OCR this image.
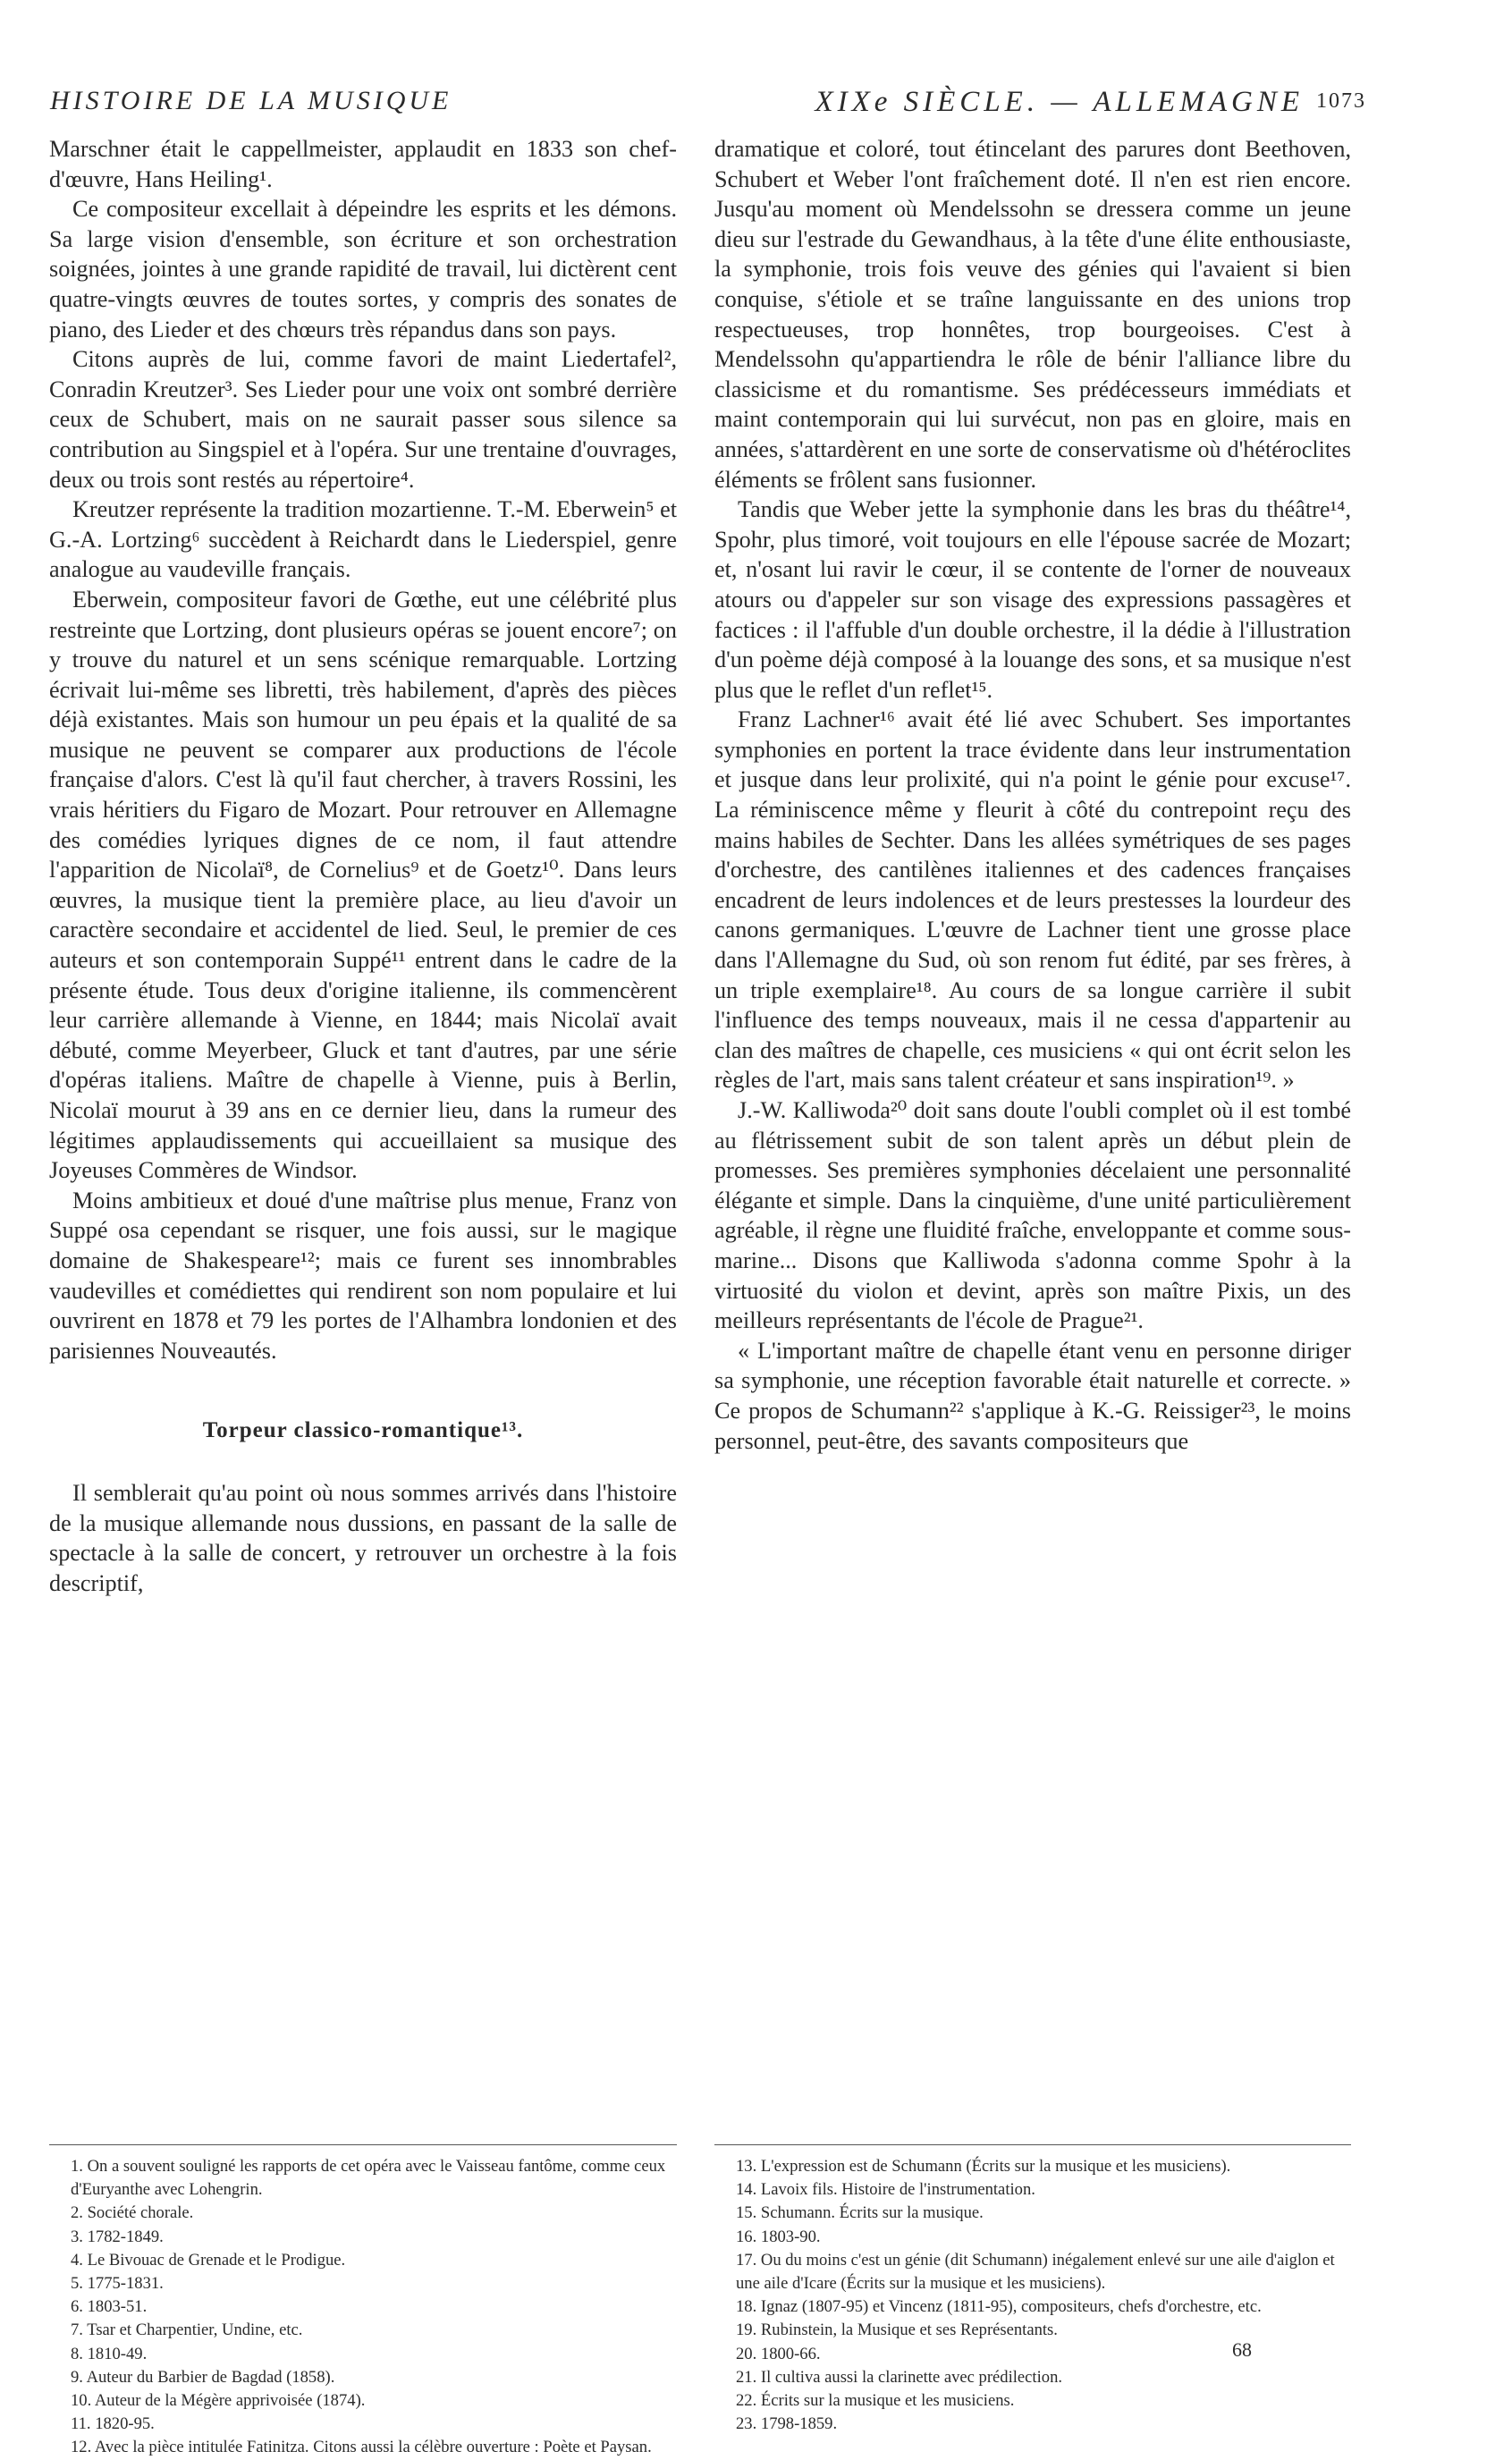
HISTOIRE DE LA MUSIQUE	XIXe SIÈCLE. — ALLEMAGNE 1073

Marschner était le cappellmeister, applaudit en 1833 son chef-d'œuvre, Hans Heiling¹.

Ce compositeur excellait à dépeindre les esprits et les démons. Sa large vision d'ensemble, son écriture et son orchestration soignées, jointes à une grande rapidité de travail, lui dictèrent cent quatre-vingts œuvres de toutes sortes, y compris des sonates de piano, des Lieder et des chœurs très répandus dans son pays.

Citons auprès de lui, comme favori de maint Liedertafel², Conradin Kreutzer³. Ses Lieder pour une voix ont sombré derrière ceux de Schubert, mais on ne saurait passer sous silence sa contribution au Singspiel et à l'opéra. Sur une trentaine d'ouvrages, deux ou trois sont restés au répertoire⁴.

Kreutzer représente la tradition mozartienne. T.-M. Eberwein⁵ et G.-A. Lortzing⁶ succèdent à Reichardt dans le Liederspiel, genre analogue au vaudeville français.

Eberwein, compositeur favori de Gœthe, eut une célébrité plus restreinte que Lortzing, dont plusieurs opéras se jouent encore⁷; on y trouve du naturel et un sens scénique remarquable. Lortzing écrivait lui-même ses libretti, très habilement, d'après des pièces déjà existantes. Mais son humour un peu épais et la qualité de sa musique ne peuvent se comparer aux productions de l'école française d'alors. C'est là qu'il faut chercher, à travers Rossini, les vrais héritiers du Figaro de Mozart. Pour retrouver en Allemagne des comédies lyriques dignes de ce nom, il faut attendre l'apparition de Nicolaï⁸, de Cornelius⁹ et de Goetz¹⁰. Dans leurs œuvres, la musique tient la première place, au lieu d'avoir un caractère secondaire et accidentel de lied. Seul, le premier de ces auteurs et son contemporain Suppé¹¹ entrent dans le cadre de la présente étude. Tous deux d'origine italienne, ils commencèrent leur carrière allemande à Vienne, en 1844; mais Nicolaï avait débuté, comme Meyerbeer, Gluck et tant d'autres, par une série d'opéras italiens. Maître de chapelle à Vienne, puis à Berlin, Nicolaï mourut à 39 ans en ce dernier lieu, dans la rumeur des légitimes applaudissements qui accueillaient sa musique des Joyeuses Commères de Windsor.

Moins ambitieux et doué d'une maîtrise plus menue, Franz von Suppé osa cependant se risquer, une fois aussi, sur le magique domaine de Shakespeare¹²; mais ce furent ses innombrables vaudevilles et comédiettes qui rendirent son nom populaire et lui ouvrirent en 1878 et 79 les portes de l'Alhambra londonien et des parisiennes Nouveautés.

Torpeur classico-romantique¹³.

Il semblerait qu'au point où nous sommes arrivés dans l'histoire de la musique allemande nous dussions, en passant de la salle de spectacle à la salle de concert, y retrouver un orchestre à la fois descriptif,

dramatique et coloré, tout étincelant des parures dont Beethoven, Schubert et Weber l'ont fraîchement doté. Il n'en est rien encore. Jusqu'au moment où Mendelssohn se dressera comme un jeune dieu sur l'estrade du Gewandhaus, à la tête d'une élite enthousiaste, la symphonie, trois fois veuve des génies qui l'avaient si bien conquise, s'étiole et se traîne languissante en des unions trop respectueuses, trop honnêtes, trop bourgeoises. C'est à Mendelssohn qu'appartiendra le rôle de bénir l'alliance libre du classicisme et du romantisme. Ses prédécesseurs immédiats et maint contemporain qui lui survécut, non pas en gloire, mais en années, s'attardèrent en une sorte de conservatisme où d'hétéroclites éléments se frôlent sans fusionner.

Tandis que Weber jette la symphonie dans les bras du théâtre¹⁴, Spohr, plus timoré, voit toujours en elle l'épouse sacrée de Mozart; et, n'osant lui ravir le cœur, il se contente de l'orner de nouveaux atours ou d'appeler sur son visage des expressions passagères et factices : il l'affuble d'un double orchestre, il la dédie à l'illustration d'un poème déjà composé à la louange des sons, et sa musique n'est plus que le reflet d'un reflet¹⁵.

Franz Lachner¹⁶ avait été lié avec Schubert. Ses importantes symphonies en portent la trace évidente dans leur instrumentation et jusque dans leur prolixité, qui n'a point le génie pour excuse¹⁷. La réminiscence même y fleurit à côté du contrepoint reçu des mains habiles de Sechter. Dans les allées symétriques de ses pages d'orchestre, des cantilènes italiennes et des cadences françaises encadrent de leurs indolences et de leurs prestesses la lourdeur des canons germaniques. L'œuvre de Lachner tient une grosse place dans l'Allemagne du Sud, où son renom fut édité, par ses frères, à un triple exemplaire¹⁸. Au cours de sa longue carrière il subit l'influence des temps nouveaux, mais il ne cessa d'appartenir au clan des maîtres de chapelle, ces musiciens « qui ont écrit selon les règles de l'art, mais sans talent créateur et sans inspiration¹⁹. »

J.-W. Kalliwoda²⁰ doit sans doute l'oubli complet où il est tombé au flétrissement subit de son talent après un début plein de promesses. Ses premières symphonies décelaient une personnalité élégante et simple. Dans la cinquième, d'une unité particulièrement agréable, il règne une fluidité fraîche, enveloppante et comme sous-marine... Disons que Kalliwoda s'adonna comme Spohr à la virtuosité du violon et devint, après son maître Pixis, un des meilleurs représentants de l'école de Prague²¹.

« L'important maître de chapelle étant venu en personne diriger sa symphonie, une réception favorable était naturelle et correcte. » Ce propos de Schumann²² s'applique à K.-G. Reissiger²³, le moins personnel, peut-être, des savants compositeurs que

1. On a souvent souligné les rapports de cet opéra avec le Vaisseau fantôme, comme ceux d'Euryanthe avec Lohengrin.
2. Société chorale.
3. 1782-1849.
4. Le Bivouac de Grenade et le Prodigue.
5. 1775-1831.
6. 1803-51.
7. Tsar et Charpentier, Undine, etc.
8. 1810-49.
9. Auteur du Barbier de Bagdad (1858).
10. Auteur de la Mégère apprivoisée (1874).
11. 1820-95.
12. Avec la pièce intitulée Fatinitza. Citons aussi la célèbre ouverture : Poète et Paysan.
13. L'expression est de Schumann (Écrits sur la musique et les musiciens).
14. Lavoix fils. Histoire de l'instrumentation.
15. Schumann. Écrits sur la musique.
16. 1803-90.
17. Ou du moins c'est un génie (dit Schumann) inégalement enlevé sur une aile d'aiglon et une aile d'Icare (Écrits sur la musique et les musiciens).
18. Ignaz (1807-95) et Vincenz (1811-95), compositeurs, chefs d'orchestre, etc.
19. Rubinstein, la Musique et ses Représentants.
20. 1800-66.
21. Il cultiva aussi la clarinette avec prédilection.
22. Écrits sur la musique et les musiciens.
23. 1798-1859.
68
